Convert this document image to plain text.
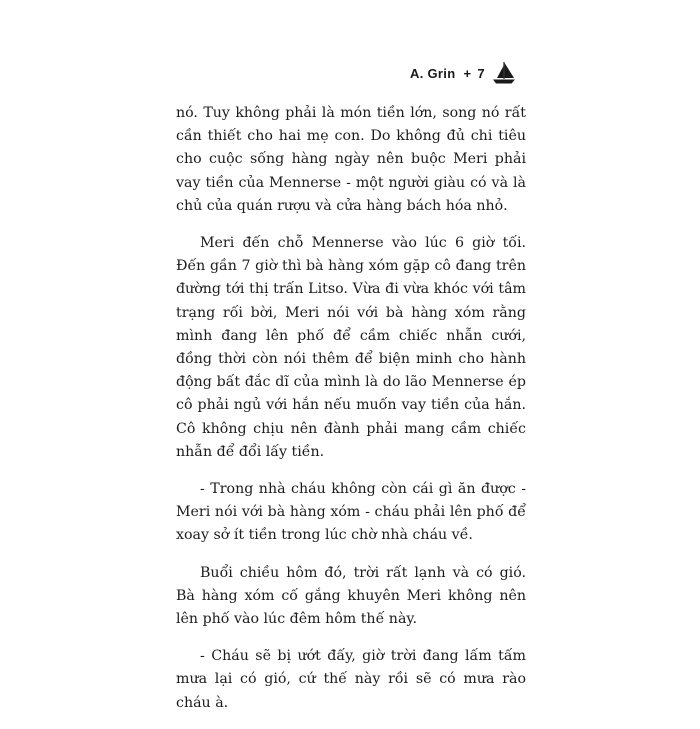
A. Grin + 7

nó. Tuy không phải là món tiền lớn, song nó rất cần thiết cho hai mẹ con. Do không đủ chi tiêu cho cuộc sống hàng ngày nên buộc Meri phải vay tiền của Mennerse - một người giàu có và là chủ của quán rượu và cửa hàng bách hóa nhỏ.

Meri đến chỗ Mennerse vào lúc 6 giờ tối. Đến gần 7 giờ thì bà hàng xóm gặp cô đang trên đường tới thị trấn Litso. Vừa đi vừa khóc với tâm trạng rối bời, Meri nói với bà hàng xóm rằng mình đang lên phố để cầm chiếc nhẫn cưới, đồng thời còn nói thêm để biện minh cho hành động bất đắc dĩ của mình là do lão Mennerse ép cô phải ngủ với hắn nếu muốn vay tiền của hắn. Cô không chịu nên đành phải mang cầm chiếc nhẫn để đổi lấy tiền.

- Trong nhà cháu không còn cái gì ăn được - Meri nói với bà hàng xóm - cháu phải lên phố để xoay sở ít tiền trong lúc chờ nhà cháu về.

Buổi chiều hôm đó, trời rất lạnh và có gió. Bà hàng xóm cố gắng khuyên Meri không nên lên phố vào lúc đêm hôm thế này.

- Cháu sẽ bị ướt đấy, giờ trời đang lấm tấm mưa lại có gió, cứ thế này rồi sẽ có mưa rào cháu à.
